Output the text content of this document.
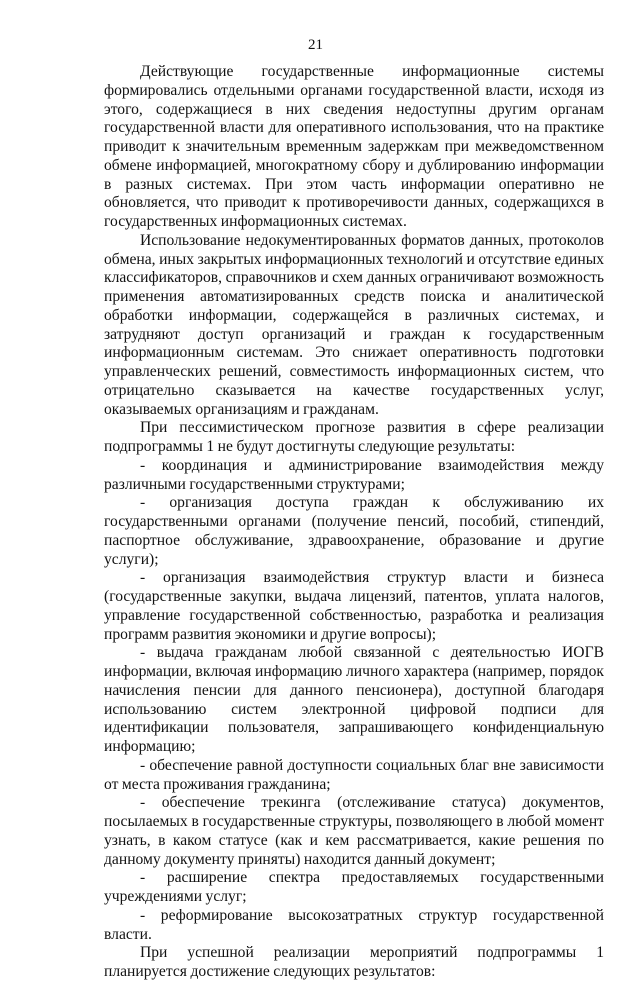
21

Действующие государственные информационные системы формировались отдельными органами государственной власти, исходя из этого, содержащиеся в них сведения недоступны другим органам государственной власти для оперативного использования, что на практике приводит к значительным временным задержкам при межведомственном обмене информацией, многократному сбору и дублированию информации в разных системах. При этом часть информации оперативно не обновляется, что приводит к противоречивости данных, содержащихся в государственных информационных системах.

Использование недокументированных форматов данных, протоколов обмена, иных закрытых информационных технологий и отсутствие единых классификаторов, справочников и схем данных ограничивают возможность применения автоматизированных средств поиска и аналитической обработки информации, содержащейся в различных системах, и затрудняют доступ организаций и граждан к государственным информационным системам. Это снижает оперативность подготовки управленческих решений, совместимость информационных систем, что отрицательно сказывается на качестве государственных услуг, оказываемых организациям и гражданам.

При пессимистическом прогнозе развития в сфере реализации подпрограммы 1 не будут достигнуты следующие результаты:

- координация и администрирование взаимодействия между различными государственными структурами;

- организация доступа граждан к обслуживанию их государственными органами (получение пенсий, пособий, стипендий, паспортное обслуживание, здравоохранение, образование и другие услуги);

- организация взаимодействия структур власти и бизнеса (государственные закупки, выдача лицензий, патентов, уплата налогов, управление государственной собственностью, разработка и реализация программ развития экономики и другие вопросы);

- выдача гражданам любой связанной с деятельностью ИОГВ информации, включая информацию личного характера (например, порядок начисления пенсии для данного пенсионера), доступной благодаря использованию систем электронной цифровой подписи для идентификации пользователя, запрашивающего конфиденциальную информацию;

- обеспечение равной доступности социальных благ вне зависимости от места проживания гражданина;

- обеспечение трекинга (отслеживание статуса) документов, посылаемых в государственные структуры, позволяющего в любой момент узнать, в каком статусе (как и кем рассматривается, какие решения по данному документу приняты) находится данный документ;

- расширение спектра предоставляемых государственными учреждениями услуг;

- реформирование высокозатратных структур государственной власти.

При успешной реализации мероприятий подпрограммы 1 планируется достижение следующих результатов:
